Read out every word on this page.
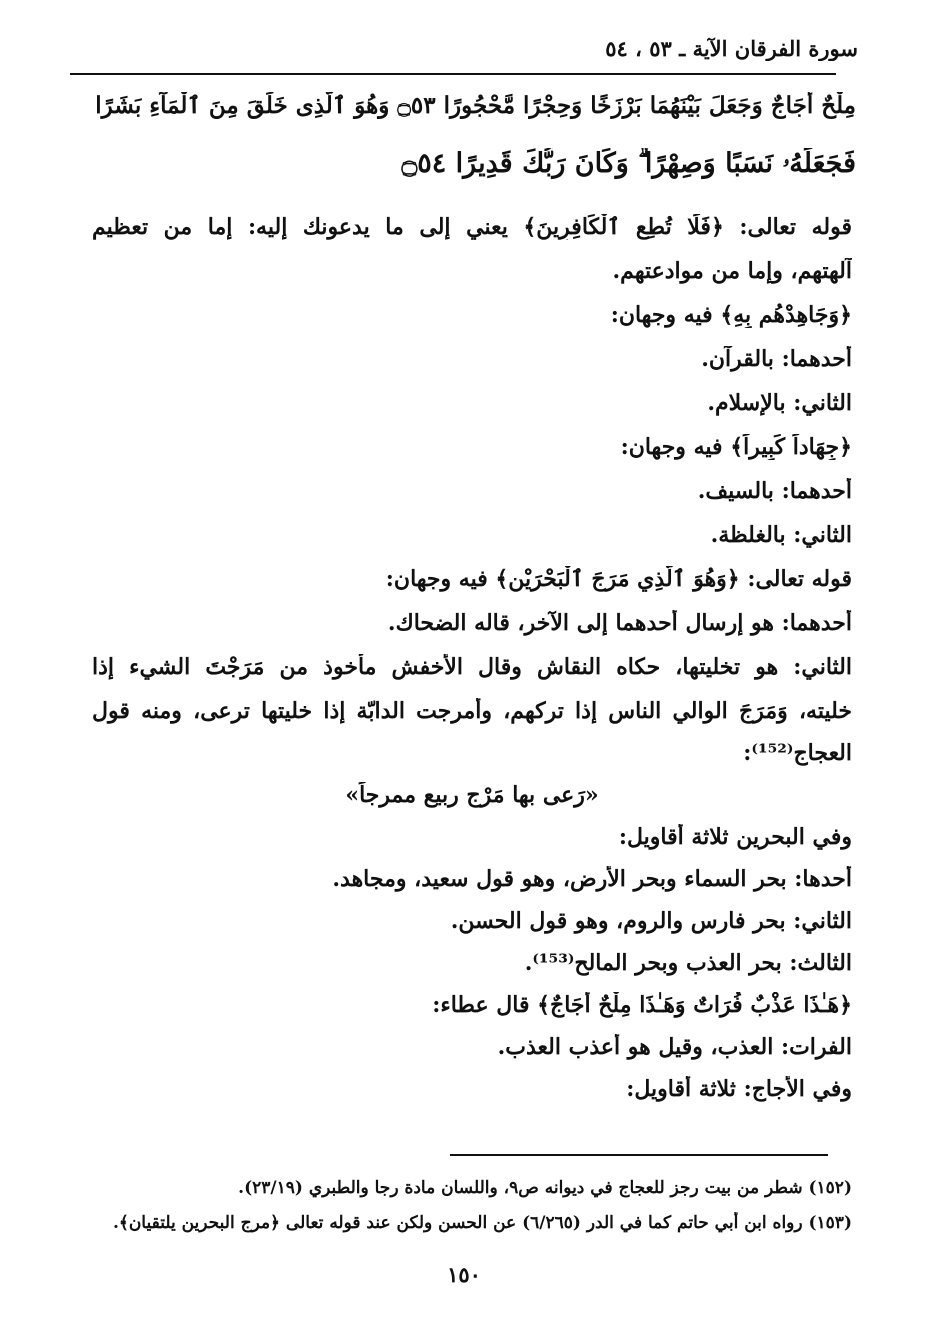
سورة الفرقان الآية ـ ٥٣ ، ٥٤
مِلْحٌ أُجَاجٌ وَجَعَلَ بَيْنَهُمَا بَرْزَخًا وَحِجْرًا مَّحْجُورًا ۝٥٣ وَهُوَ ٱلَّذِى خَلَقَ مِنَ ٱلْمَآءِ بَشَرًا
فَجَعَلَهُۥ نَسَبًا وَصِهْرًا ۗ وَكَانَ رَبُّكَ قَدِيرًا ۝٥٤
قوله تعالى: ﴿فَلَا تُطِعِ ٱلْكَافِرِينَ﴾ يعني إلى ما يدعونك إليه: إما من تعظيم
آلهتهم، وإما من موادعتهم.
﴿وَجَاهِدْهُم بِهِ﴾ فيه وجهان:
أحدهما: بالقرآن.
الثاني: بالإسلام.
﴿جِهَاداً كَبِيراً﴾ فيه وجهان:
أحدهما: بالسيف.
الثاني: بالغلظة.
قوله تعالى: ﴿وَهُوَ ٱلَّذِي مَرَجَ ٱلْبَحْرَيْنِ﴾ فيه وجهان:
أحدهما: هو إرسال أحدهما إلى الآخر، قاله الضحاك.
الثاني: هو تخليتها، حكاه النقاش وقال الأخفش مأخوذ من مَرَجْتَ الشيء إذا
خليته، وَمَرَجَ الوالي الناس إذا تركهم، وأمرجت الدابّة إذا خليتها ترعى، ومنه قول
العجاج⁽¹⁵²⁾:
«رَعى بها مَرْج ربيع ممرجاً»
وفي البحرين ثلاثة أقاويل:
أحدها: بحر السماء وبحر الأرض، وهو قول سعيد، ومجاهد.
الثاني: بحر فارس والروم، وهو قول الحسن.
الثالث: بحر العذب وبحر المالح⁽¹⁵³⁾.
﴿هَـٰذَا عَذْبٌ فُرَاتٌ وَهَـٰذَا مِلْحٌ أُجَاجٌ﴾ قال عطاء:
الفرات: العذب، وقيل هو أعذب العذب.
وفي الأجاج: ثلاثة أقاويل:
(١٥٢) شطر من بيت رجز للعجاج في ديوانه ص٩، واللسان مادة رجا والطبري (٢٣/١٩).
(١٥٣) رواه ابن أبي حاتم كما في الدر (٦/٢٦٥) عن الحسن ولكن عند قوله تعالى ﴿مرج البحرين يلتقيان﴾.
١٥٠
